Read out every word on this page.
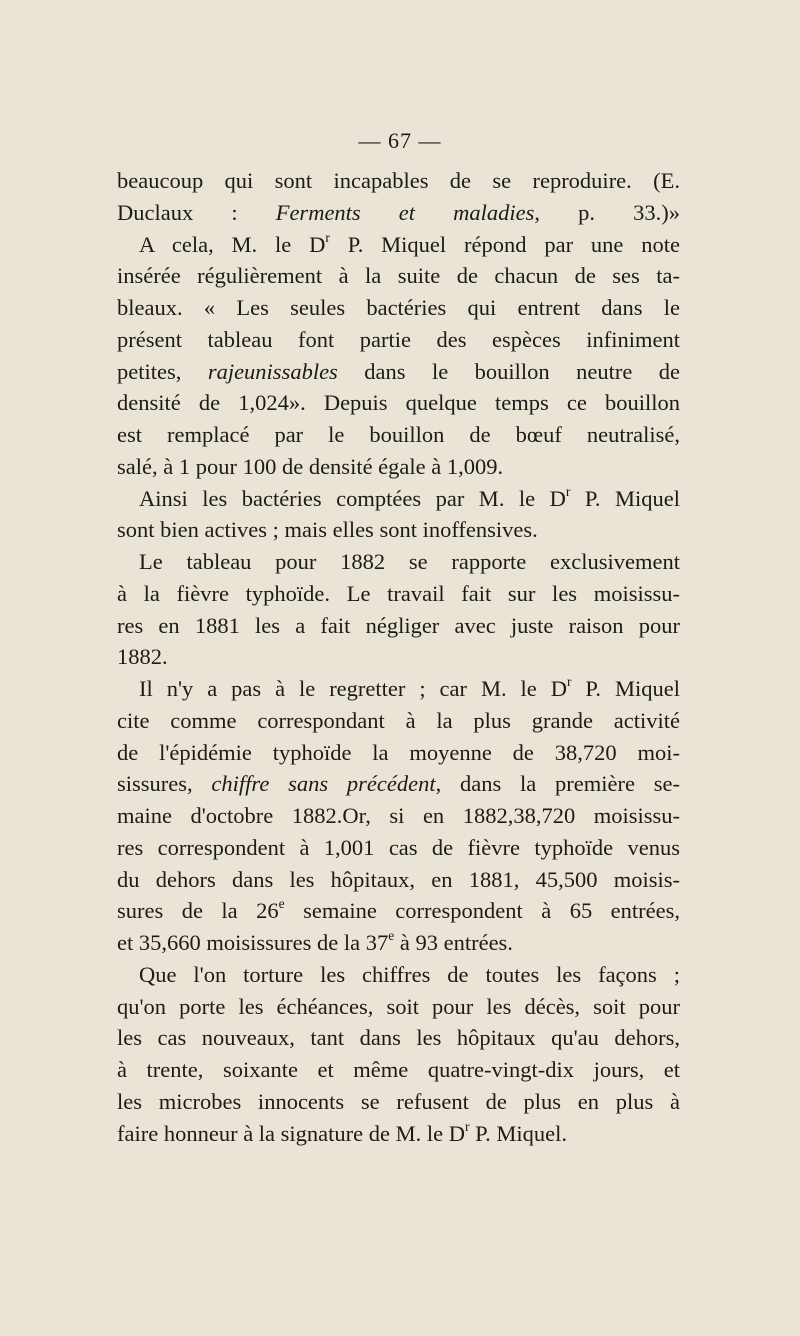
— 67 —
beaucoup qui sont incapables de se reproduire. (E.
Duclaux : Ferments et maladies, p. 33.)»
A cela, M. le $D^r$ P. Miquel répond par une note
insérée régulièrement à la suite de chacun de ses ta-
bleaux. « Les seules bactéries qui entrent dans le
présent tableau font partie des espèces infiniment
petites, rajeunissables dans le bouillon neutre de
densité de 1,024». Depuis quelque temps ce bouillon
est remplacé par le bouillon de bœuf neutralisé,
salé, à 1 pour 100 de densité égale à 1,009.
Ainsi les bactéries comptées par M. le $D^r$ P. Miquel
sont bien actives ; mais elles sont inoffensives.
Le tableau pour 1882 se rapporte exclusivement
à la fièvre typhoïde. Le travail fait sur les moisissu-
res en 1881 les a fait négliger avec juste raison pour
1882.
Il n'y a pas à le regretter ; car M. le $D^r$ P. Miquel
cite comme correspondant à la plus grande activité
de l'épidémie typhoïde la moyenne de 38,720 moi-
sissures, chiffre sans précédent, dans la première se-
maine d'octobre 1882.Or, si en 1882,38,720 moisissu-
res correspondent à 1,001 cas de fièvre typhoïde venus
du dehors dans les hôpitaux, en 1881, 45,500 moisis-
sures de la 26e semaine correspondent à 65 entrées,
et 35,660 moisissures de la 37e à 93 entrées.
Que l'on torture les chiffres de toutes les façons ;
qu'on porte les échéances, soit pour les décès, soit pour
les cas nouveaux, tant dans les hôpitaux qu'au dehors,
à trente, soixante et même quatre-vingt-dix jours, et
les microbes innocents se refusent de plus en plus à
faire honneur à la signature de M. le $D^r$ P. Miquel.
